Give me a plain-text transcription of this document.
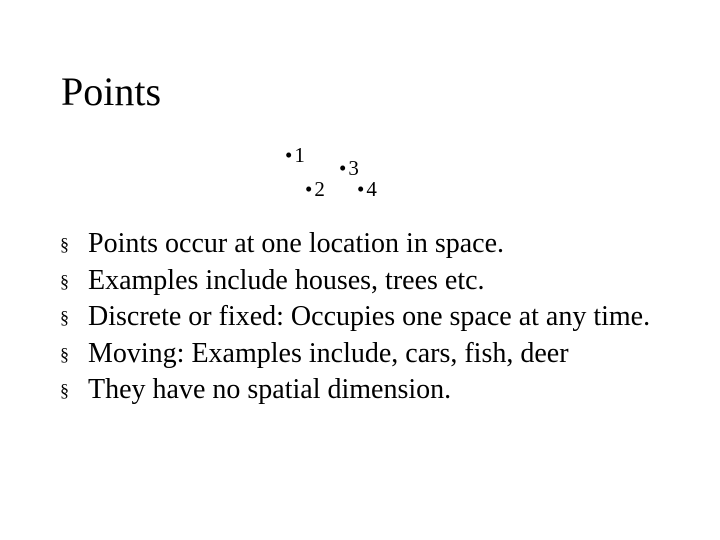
Points
•1
•3
•2 •4
§ Points occur at one location in space.
§ Examples include houses, trees etc.
§ Discrete or fixed: Occupies one space at any time.
§ Moving: Examples include, cars, fish, deer
§ They have no spatial dimension.
